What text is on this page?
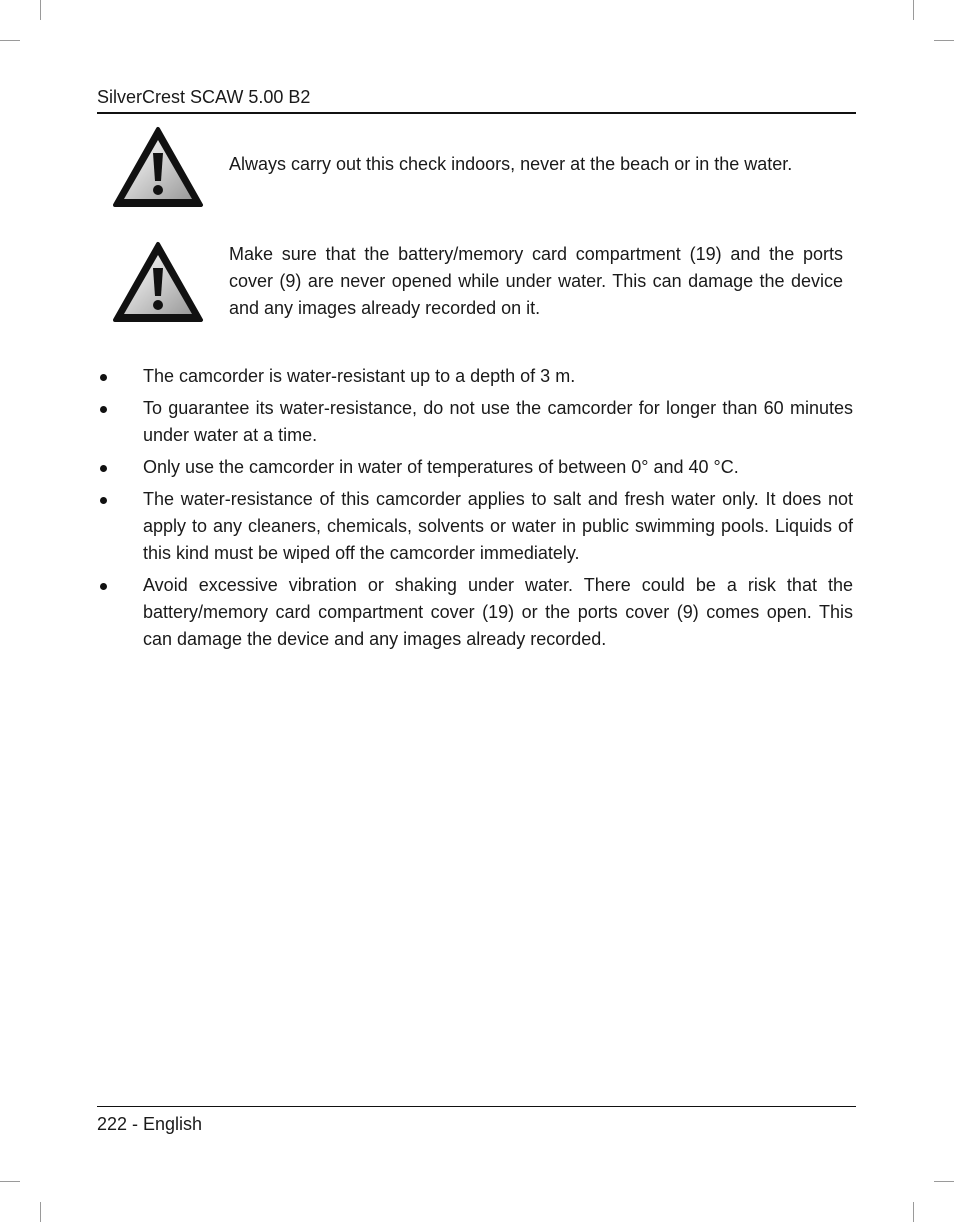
SilverCrest SCAW 5.00 B2
Always carry out this check indoors, never at the beach or in the water.
Make sure that the battery/memory card compartment (19) and the ports cover (9) are never opened while under water. This can damage the device and any images already recorded on it.
The camcorder is water-resistant up to a depth of 3 m.
To guarantee its water-resistance, do not use the camcorder for longer than 60 minutes under water at a time.
Only use the camcorder in water of temperatures of between 0° and 40 °C.
The water-resistance of this camcorder applies to salt and fresh water only. It does not apply to any cleaners, chemicals, solvents or water in public swimming pools. Liquids of this kind must be wiped off the camcorder immediately.
Avoid excessive vibration or shaking under water. There could be a risk that the battery/memory card compartment cover (19) or the ports cover (9) comes open. This can damage the device and any images already recorded.
222 - English
